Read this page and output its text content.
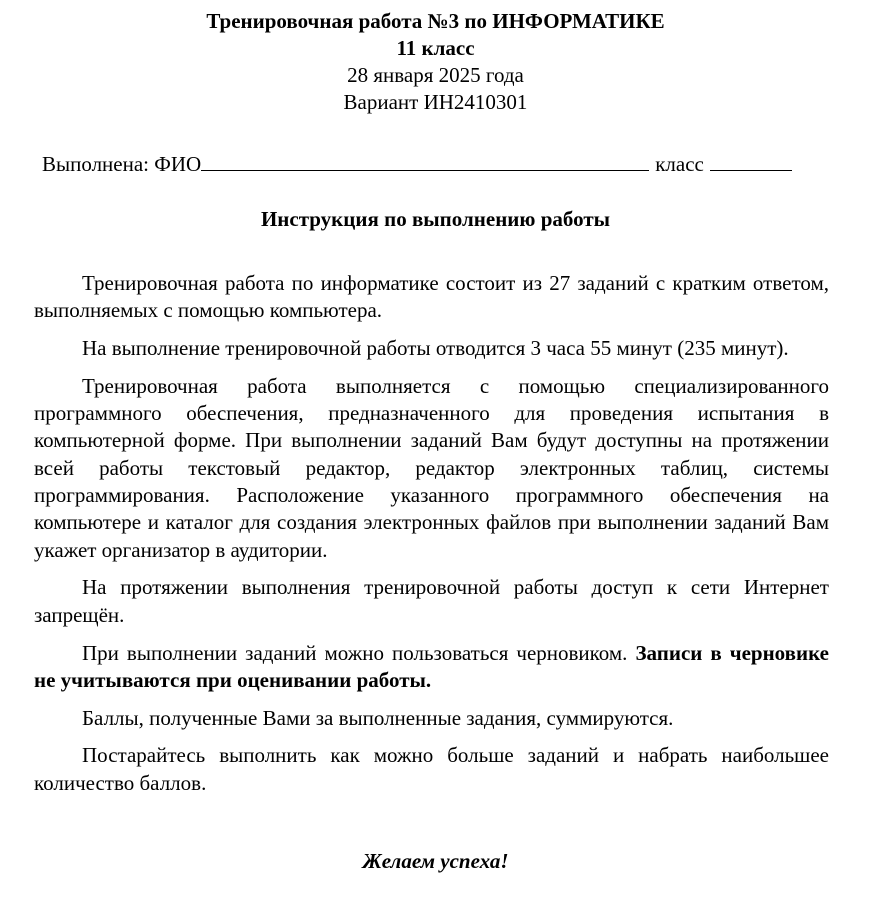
Тренировочная работа №3 по ИНФОРМАТИКЕ
11 класс
28 января 2025 года
Вариант ИН2410301
Выполнена: ФИО	класс
Инструкция по выполнению работы

Тренировочная работа по информатике состоит из 27 заданий с кратким ответом, выполняемых с помощью компьютера.

На выполнение тренировочной работы отводится 3 часа 55 минут (235 минут).

Тренировочная работа выполняется с помощью специализированного программного обеспечения, предназначенного для проведения испытания в компьютерной форме. При выполнении заданий Вам будут доступны на протяжении всей работы текстовый редактор, редактор электронных таблиц, системы программирования. Расположение указанного программного обеспечения на компьютере и каталог для создания электронных файлов при выполнении заданий Вам укажет организатор в аудитории.

На протяжении выполнения тренировочной работы доступ к сети Интернет запрещён.

При выполнении заданий можно пользоваться черновиком. Записи в черновике не учитываются при оценивании работы.

Баллы, полученные Вами за выполненные задания, суммируются.

Постарайтесь выполнить как можно больше заданий и набрать наибольшее количество баллов.

Желаем успеха!
